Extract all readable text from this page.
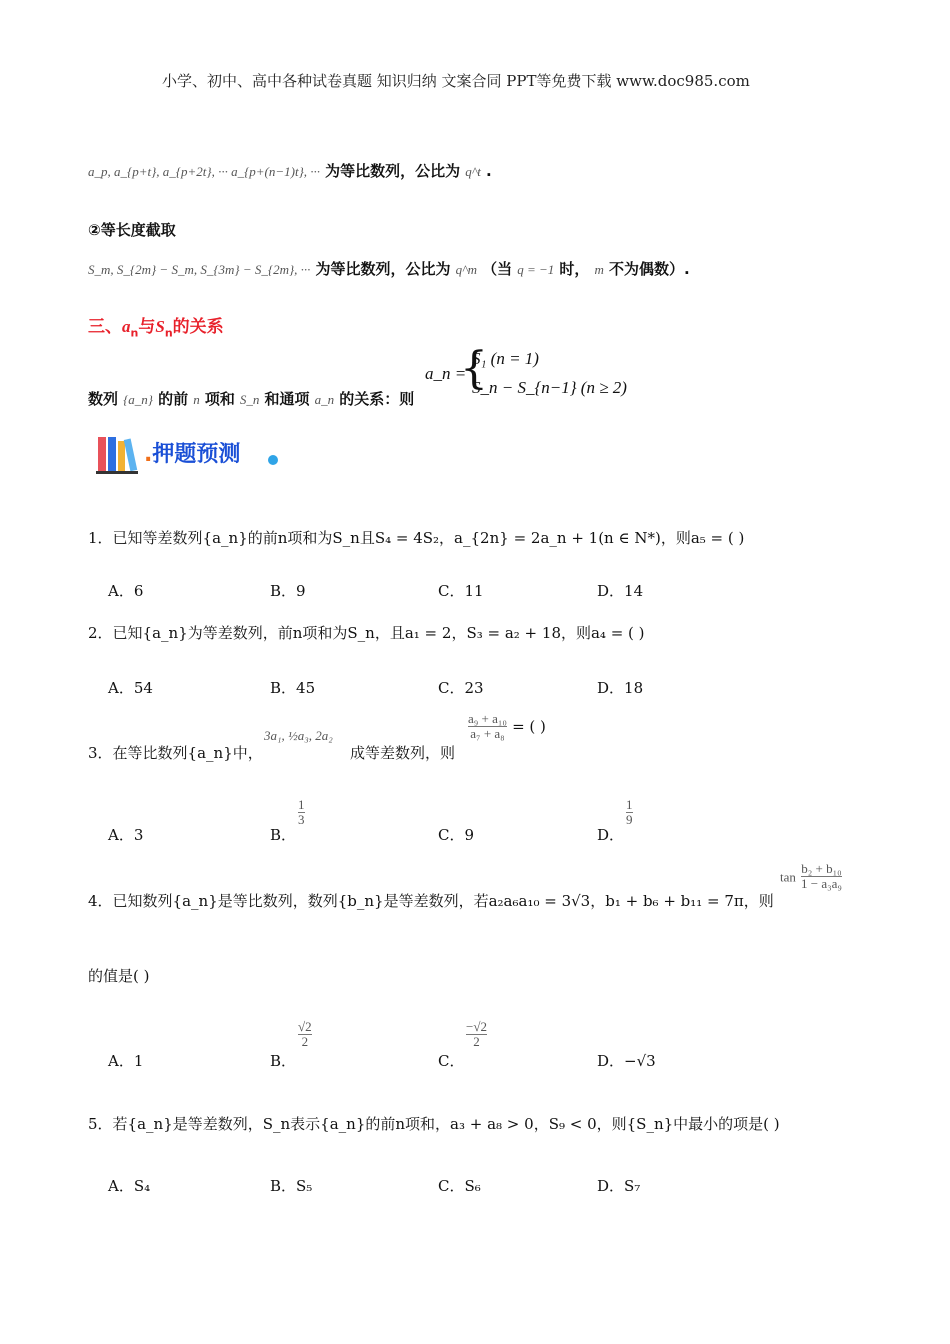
小学、初中、高中各种试卷真题 知识归纳 文案合同 PPT等免费下载 www.doc985.com
a_p, a_{p+t}, a_{p+2t}, ··· a_{p+(n−1)t}, ··· 为等比数列，公比为 q^t .
②等长度截取
S_m, S_{2m} − S_m, S_{3m} − S_{2m}, ··· 为等比数列，公比为 q^m （当 q = −1 时， m 不为偶数）.
三、$a_n$与$S_n$的关系
数列 {a_n} 的前 n 项和 S_n 和通项 a_n 的关系：则
a_n =
{
S₁ (n = 1)
S_n − S_{n−1} (n ≥ 2)
.押题预测
1．已知等差数列{a_n}的前n项和为S_n且S₄ = 4S₂，a_{2n} = 2a_n + 1(n ∈ N*)，则a₅ = ( )
A．6	B．9	C．11	D．14
2．已知{a_n}为等差数列，前n项和为S_n，且a₁ = 2，S₃ = a₂ + 18，则a₄ = ( )
A．54	B．45	C．23	D．18
3．在等比数列{a_n}中，
3a₁, ½a₃, 2a₂
成等差数列，则
$\frac{\text{a₉ + a₁₀}}{\text{a₇ + a₈}}$ = ( )
A．3	B．
$\frac{1}{3}$
C．9	D．
$\frac{1}{9}$
4．已知数列{a_n}是等比数列，数列{b_n}是等差数列，若a₂a₆a₁₀ = 3√3，b₁ + b₆ + b₁₁ = 7π，则
$\tan \frac{\text{b₂ + b₁₀}}{\text{1 − a₃a₉}}$
的值是( )
A．1	B．
$\frac{√2}{2}$
C．
$\frac{-√2}{2}$
D．−√3
5．若{a_n}是等差数列，S_n表示{a_n}的前n项和，a₃ + a₈ > 0，S₉ < 0，则{S_n}中最小的项是( )
A．S₄	B．S₅	C．S₆	D．S₇
